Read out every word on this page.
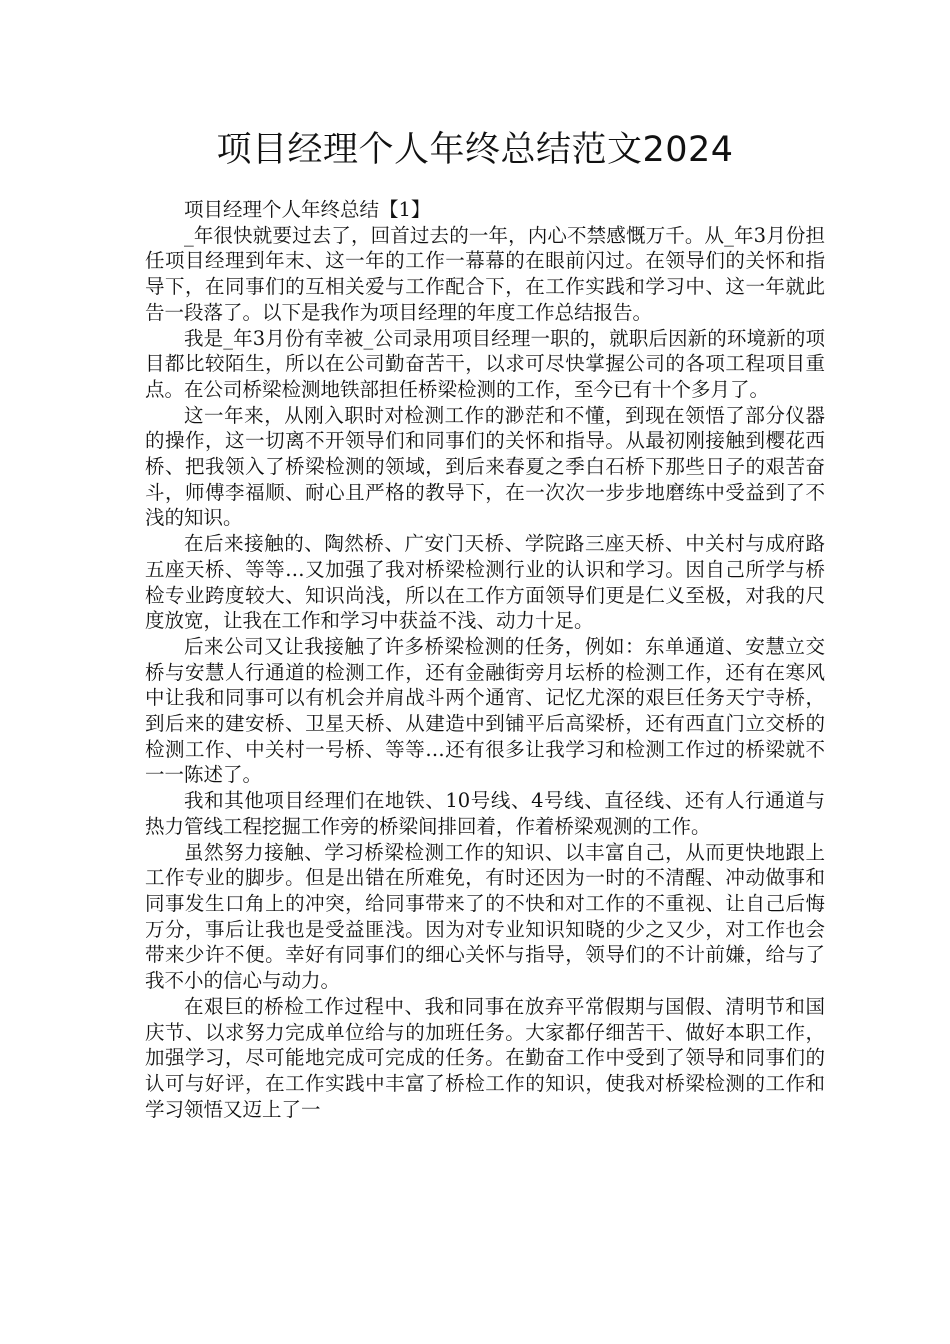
项目经理个人年终总结范文2024

项目经理个人年终总结【1】

_年很快就要过去了，回首过去的一年，内心不禁感慨万千。从_年3月份担任项目经理到年末、这一年的工作一幕幕的在眼前闪过。在领导们的关怀和指导下，在同事们的互相关爱与工作配合下，在工作实践和学习中、这一年就此告一段落了。以下是我作为项目经理的年度工作总结报告。

我是_年3月份有幸被_公司录用项目经理一职的，就职后因新的环境新的项目都比较陌生，所以在公司勤奋苦干，以求可尽快掌握公司的各项工程项目重点。在公司桥梁检测地铁部担任桥梁检测的工作，至今已有十个多月了。

这一年来，从刚入职时对检测工作的渺茫和不懂，到现在领悟了部分仪器的操作，这一切离不开领导们和同事们的关怀和指导。从最初刚接触到樱花西桥、把我领入了桥梁检测的领域，到后来春夏之季白石桥下那些日子的艰苦奋斗，师傅李福顺、耐心且严格的教导下，在一次次一步步地磨练中受益到了不浅的知识。

在后来接触的、陶然桥、广安门天桥、学院路三座天桥、中关村与成府路五座天桥、等等…又加强了我对桥梁检测行业的认识和学习。因自己所学与桥检专业跨度较大、知识尚浅，所以在工作方面领导们更是仁义至极，对我的尺度放宽，让我在工作和学习中获益不浅、动力十足。

后来公司又让我接触了许多桥梁检测的任务，例如：东单通道、安慧立交桥与安慧人行通道的检测工作，还有金融街旁月坛桥的检测工作，还有在寒风中让我和同事可以有机会并肩战斗两个通宵、记忆尤深的艰巨任务天宁寺桥，到后来的建安桥、卫星天桥、从建造中到铺平后高梁桥，还有西直门立交桥的检测工作、中关村一号桥、等等…还有很多让我学习和检测工作过的桥梁就不一一陈述了。

我和其他项目经理们在地铁、10号线、4号线、直径线、还有人行通道与热力管线工程挖掘工作旁的桥梁间排回着，作着桥梁观测的工作。

虽然努力接触、学习桥梁检测工作的知识、以丰富自己，从而更快地跟上工作专业的脚步。但是出错在所难免，有时还因为一时的不清醒、冲动做事和同事发生口角上的冲突，给同事带来了的不快和对工作的不重视、让自己后悔万分，事后让我也是受益匪浅。因为对专业知识知晓的少之又少，对工作也会带来少许不便。幸好有同事们的细心关怀与指导，领导们的不计前嫌，给与了我不小的信心与动力。

在艰巨的桥检工作过程中、我和同事在放弃平常假期与国假、清明节和国庆节、以求努力完成单位给与的加班任务。大家都仔细苦干、做好本职工作，加强学习，尽可能地完成可完成的任务。在勤奋工作中受到了领导和同事们的认可与好评，在工作实践中丰富了桥检工作的知识，使我对桥梁检测的工作和学习领悟又迈上了一
